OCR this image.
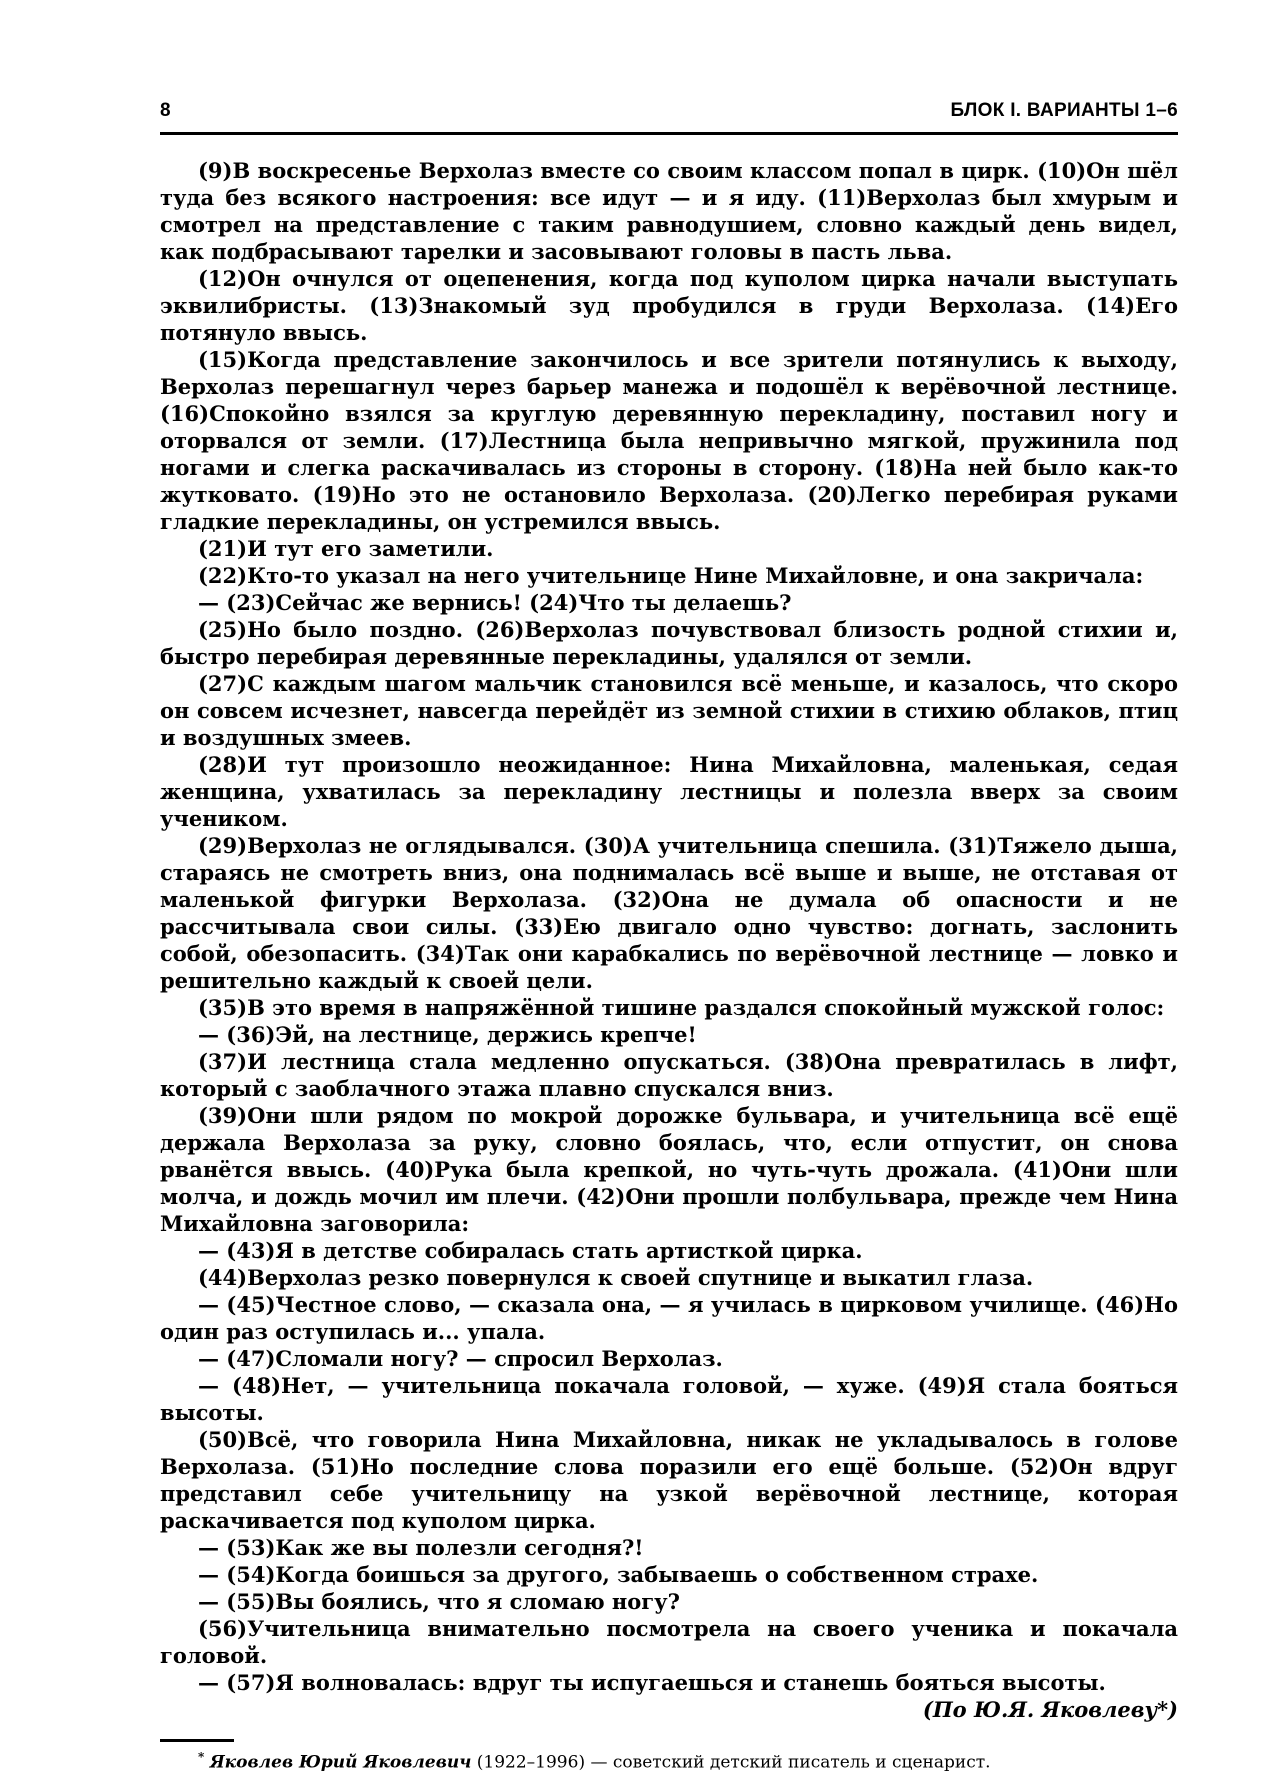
8	БЛОК I. ВАРИАНТЫ 1–6

(9)В воскресенье Верхолаз вместе со своим классом попал в цирк. (10)Он шёл туда без всякого настроения: все идут — и я иду. (11)Верхолаз был хмурым и смотрел на представление с таким равнодушием, словно каждый день видел, как подбрасывают тарелки и засовывают головы в пасть льва.

(12)Он очнулся от оцепенения, когда под куполом цирка начали выступать эквилибристы. (13)Знакомый зуд пробудился в груди Верхолаза. (14)Его потянуло ввысь.

(15)Когда представление закончилось и все зрители потянулись к выходу, Верхолаз перешагнул через барьер манежа и подошёл к верёвочной лестнице. (16)Спокойно взялся за круглую деревянную перекладину, поставил ногу и оторвался от земли. (17)Лестница была непривычно мягкой, пружинила под ногами и слегка раскачивалась из стороны в сторону. (18)На ней было как-то жутковато. (19)Но это не остановило Верхолаза. (20)Легко перебирая руками гладкие перекладины, он устремился ввысь.

(21)И тут его заметили.

(22)Кто-то указал на него учительнице Нине Михайловне, и она закричала:

— (23)Сейчас же вернись! (24)Что ты делаешь?

(25)Но было поздно. (26)Верхолаз почувствовал близость родной стихии и, быстро перебирая деревянные перекладины, удалялся от земли.

(27)С каждым шагом мальчик становился всё меньше, и казалось, что скоро он совсем исчезнет, навсегда перейдёт из земной стихии в стихию облаков, птиц и воздушных змеев.

(28)И тут произошло неожиданное: Нина Михайловна, маленькая, седая женщина, ухватилась за перекладину лестницы и полезла вверх за своим учеником.

(29)Верхолаз не оглядывался. (30)А учительница спешила. (31)Тяжело дыша, стараясь не смотреть вниз, она поднималась всё выше и выше, не отставая от маленькой фигурки Верхолаза. (32)Она не думала об опасности и не рассчитывала свои силы. (33)Ею двигало одно чувство: догнать, заслонить собой, обезопасить. (34)Так они карабкались по верёвочной лестнице — ловко и решительно каждый к своей цели.

(35)В это время в напряжённой тишине раздался спокойный мужской голос:

— (36)Эй, на лестнице, держись крепче!

(37)И лестница стала медленно опускаться. (38)Она превратилась в лифт, который с заоблачного этажа плавно спускался вниз.

(39)Они шли рядом по мокрой дорожке бульвара, и учительница всё ещё держала Верхолаза за руку, словно боялась, что, если отпустит, он снова рванётся ввысь. (40)Рука была крепкой, но чуть-чуть дрожала. (41)Они шли молча, и дождь мочил им плечи. (42)Они прошли полбульвара, прежде чем Нина Михайловна заговорила:

— (43)Я в детстве собиралась стать артисткой цирка.

(44)Верхолаз резко повернулся к своей спутнице и выкатил глаза.

— (45)Честное слово, — сказала она, — я училась в цирковом училище. (46)Но один раз оступилась и... упала.

— (47)Сломали ногу? — спросил Верхолаз.

— (48)Нет, — учительница покачала головой, — хуже. (49)Я стала бояться высоты.

(50)Всё, что говорила Нина Михайловна, никак не укладывалось в голове Верхолаза. (51)Но последние слова поразили его ещё больше. (52)Он вдруг представил себе учительницу на узкой верёвочной лестнице, которая раскачивается под куполом цирка.

— (53)Как же вы полезли сегодня?!

— (54)Когда боишься за другого, забываешь о собственном страхе.

— (55)Вы боялись, что я сломаю ногу?

(56)Учительница внимательно посмотрела на своего ученика и покачала головой.

— (57)Я волновалась: вдруг ты испугаешься и станешь бояться высоты.

(По Ю.Я. Яковлеву*)

* Яковлев Юрий Яковлевич (1922–1996) — советский детский писатель и сценарист.
